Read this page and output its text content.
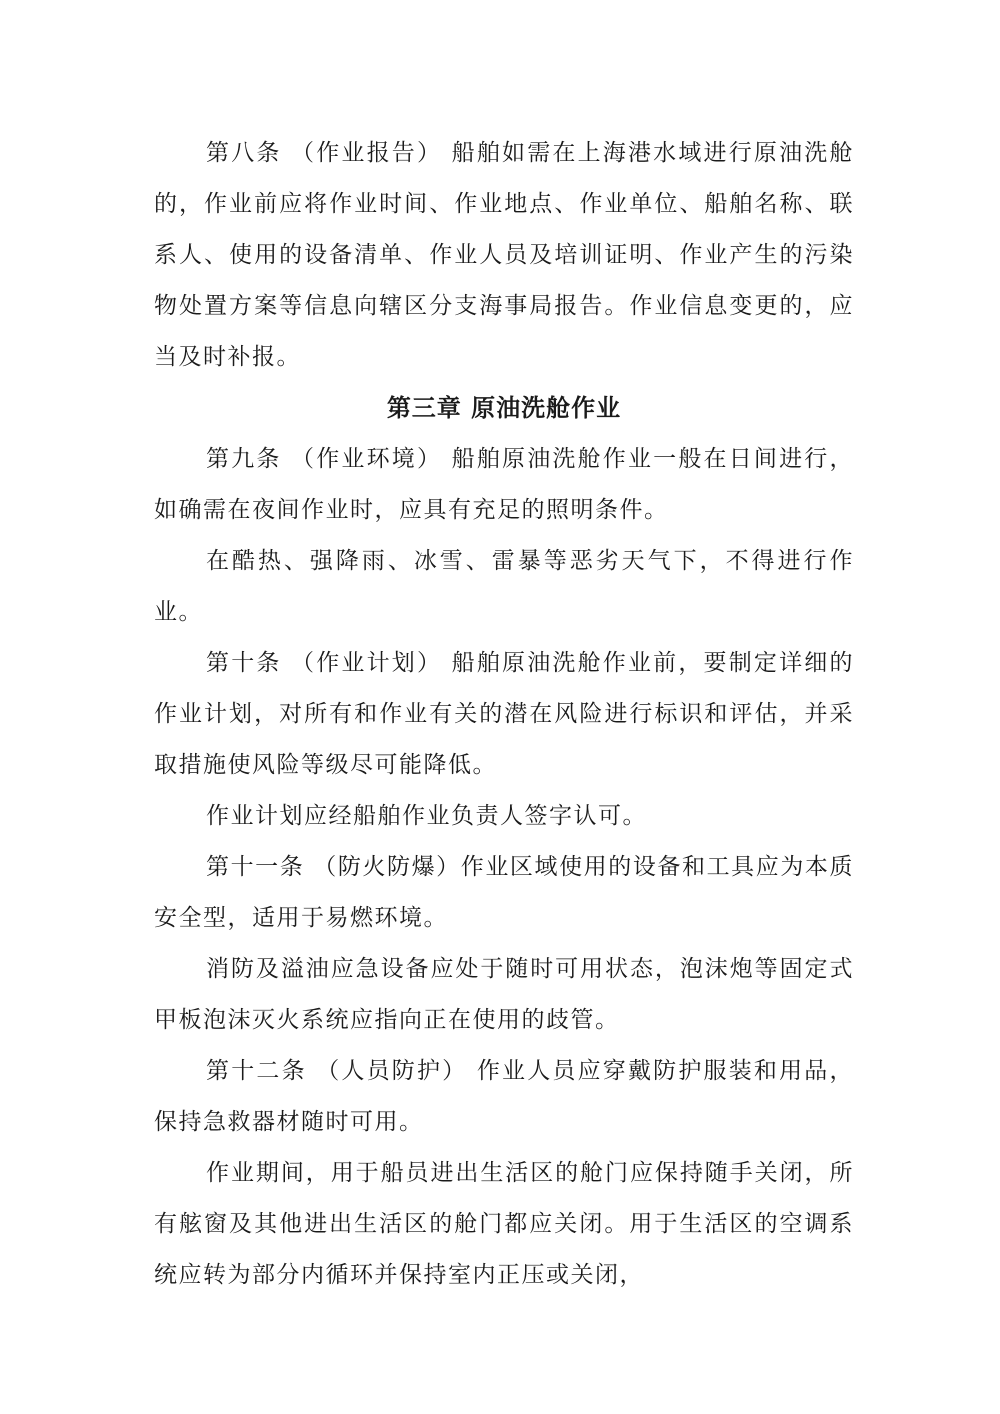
第八条 （作业报告） 船舶如需在上海港水域进行原油洗舱的，作业前应将作业时间、作业地点、作业单位、船舶名称、联系人、使用的设备清单、作业人员及培训证明、作业产生的污染物处置方案等信息向辖区分支海事局报告。作业信息变更的，应当及时补报。

第三章 原油洗舱作业

第九条 （作业环境） 船舶原油洗舱作业一般在日间进行，如确需在夜间作业时，应具有充足的照明条件。

在酷热、强降雨、冰雪、雷暴等恶劣天气下，不得进行作业。

第十条 （作业计划） 船舶原油洗舱作业前，要制定详细的作业计划，对所有和作业有关的潜在风险进行标识和评估，并采取措施使风险等级尽可能降低。

作业计划应经船舶作业负责人签字认可。

第十一条 （防火防爆）作业区域使用的设备和工具应为本质安全型，适用于易燃环境。

消防及溢油应急设备应处于随时可用状态，泡沫炮等固定式甲板泡沫灭火系统应指向正在使用的歧管。

第十二条 （人员防护） 作业人员应穿戴防护服装和用品，保持急救器材随时可用。

作业期间，用于船员进出生活区的舱门应保持随手关闭，所有舷窗及其他进出生活区的舱门都应关闭。用于生活区的空调系统应转为部分内循环并保持室内正压或关闭，
